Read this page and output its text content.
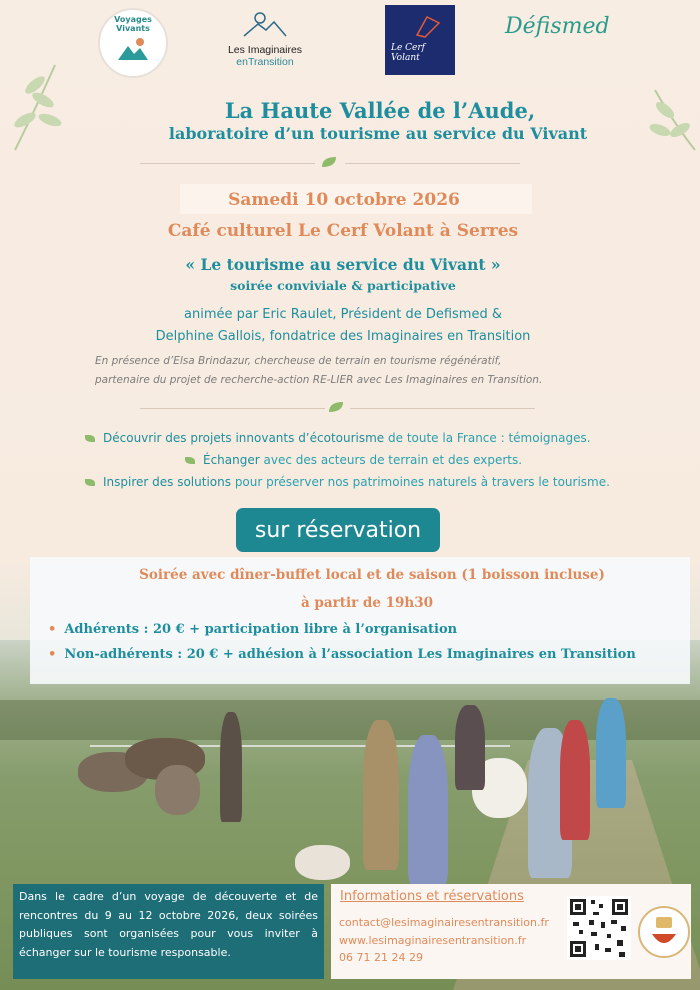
Voyages Vivants
Les Imaginaires
enTransition
Le Cerf Volant
Défismed
La Haute Vallée de l’Aude,
laboratoire d’un tourisme au service du Vivant
Samedi 10 octobre 2026
Café culturel Le Cerf Volant à Serres
« Le tourisme au service du Vivant »
soirée conviviale & participative
animée par Eric Raulet, Président de Defismed &
Delphine Gallois, fondatrice des Imaginaires en Transition
En présence d’Elsa Brindazur, chercheuse de terrain en tourisme régénératif,
partenaire du projet de recherche-action RE-LIER avec Les Imaginaires en Transition.
Découvrir des projets innovants d’écotourisme de toute la France : témoignages.
Échanger avec des acteurs de terrain et des experts.
Inspirer des solutions pour préserver nos patrimoines naturels à travers le tourisme.
sur réservation
Soirée avec dîner-buffet local et de saison (1 boisson incluse)
à partir de 19h30
• Adhérents : 20 € + participation libre à l’organisation
• Non-adhérents : 20 € + adhésion à l’association Les Imaginaires en Transition
Dans le cadre d’un voyage de découverte et de
rencontres du 9 au 12 octobre 2026, deux soirées
publiques sont organisées pour vous inviter à
échanger sur le tourisme responsable.
Informations et réservations
contact@lesimaginairesentransition.fr
www.lesimaginairesentransition.fr
06 71 21 24 29
